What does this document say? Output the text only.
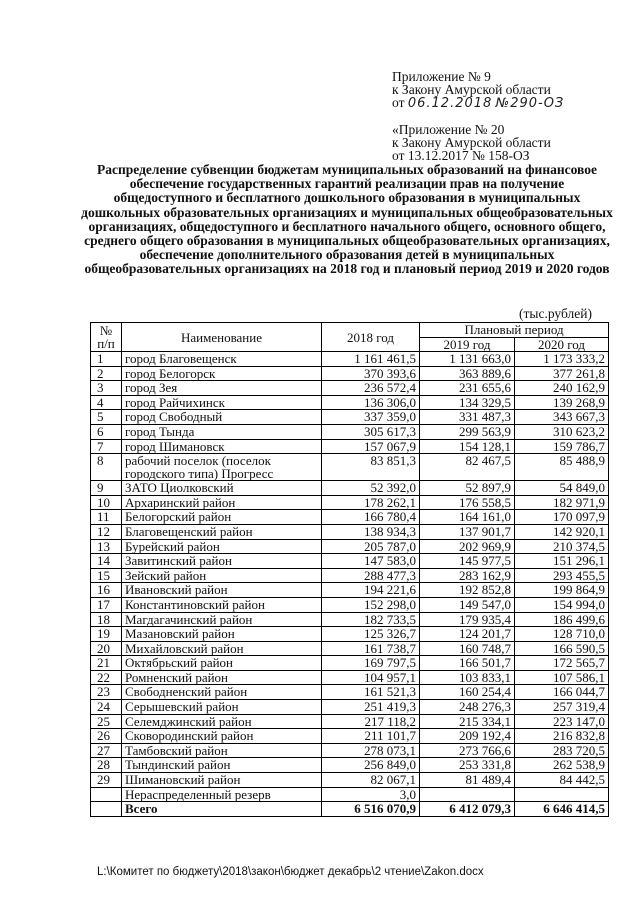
Приложение № 9
к Закону Амурской области
от 06.12.2018 №290-ОЗ
«Приложение № 20
к Закону Амурской области
от 13.12.2017 № 158-ОЗ
Распределение субвенции бюджетам муниципальных образований на финансовое обеспечение государственных гарантий реализации прав на получение общедоступного и бесплатного дошкольного образования в муниципальных дошкольных образовательных организациях и муниципальных общеобразовательных организациях, общедоступного и бесплатного начального общего, основного общего, среднего общего образования в муниципальных общеобразовательных организациях, обеспечение дополнительного образования детей в муниципальных общеобразовательных организациях на 2018 год и плановый период 2019 и 2020 годов
(тыс.рублей)
№ п/п	Наименование	2018 год	Плановый период	
			2019 год	2020 год
1	город Благовещенск	1 161 461,5	1 131 663,0	1 173 333,2
2	город Белогорск	370 393,6	363 889,6	377 261,8
3	город Зея	236 572,4	231 655,6	240 162,9
4	город Райчихинск	136 306,0	134 329,5	139 268,9
5	город Свободный	337 359,0	331 487,3	343 667,3
6	город Тында	305 617,3	299 563,9	310 623,2
7	город Шимановск	157 067,9	154 128,1	159 786,7
8	рабочий поселок (поселок городского типа) Прогресс	83 851,3	82 467,5	85 488,9
9	ЗАТО Циолковский	52 392,0	52 897,9	54 849,0
10	Архаринский район	178 262,1	176 558,5	182 971,9
11	Белогорский район	166 780,4	164 161,0	170 097,9
12	Благовещенский район	138 934,3	137 901,7	142 920,1
13	Бурейский район	205 787,0	202 969,9	210 374,5
14	Завитинский район	147 583,0	145 977,5	151 296,1
15	Зейский район	288 477,3	283 162,9	293 455,5
16	Ивановский район	194 221,6	192 852,8	199 864,9
17	Константиновский район	152 298,0	149 547,0	154 994,0
18	Магдагачинский район	182 733,5	179 935,4	186 499,6
19	Мазановский район	125 326,7	124 201,7	128 710,0
20	Михайловский район	161 738,7	160 748,7	166 590,5
21	Октябрьский район	169 797,5	166 501,7	172 565,7
22	Ромненский район	104 957,1	103 833,1	107 586,1
23	Свободненский район	161 521,3	160 254,4	166 044,7
24	Серышевский район	251 419,3	248 276,3	257 319,4
25	Селемджинский район	217 118,2	215 334,1	223 147,0
26	Сковородинский район	211 101,7	209 192,4	216 832,8
27	Тамбовский район	278 073,1	273 766,6	283 720,5
28	Тындинский район	256 849,0	253 331,8	262 538,9
29	Шимановский район	82 067,1	81 489,4	84 442,5
	Нераспределенный резерв	3,0		
	Всего	6 516 070,9	6 412 079,3	6 646 414,5
L:\Комитет по бюджету\2018\закон\бюджет декабрь\2 чтение\Zakon.docx
